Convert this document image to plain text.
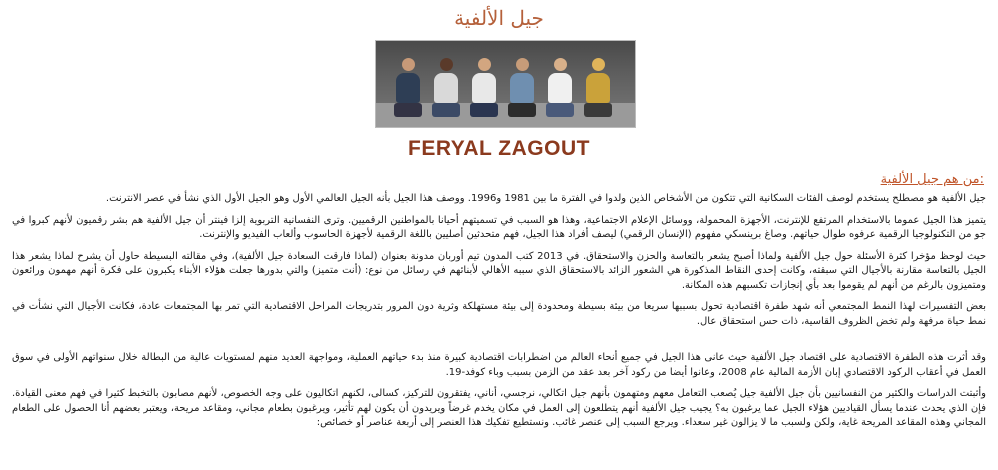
جيل الألفية
FERYAL ZAGOUT
:من هم جيل الألفية

جيل الألفية هو مصطلح يستخدم لوصف الفئات السكانية التي تتكون من الأشخاص الذين ولدوا في الفترة ما بين 1981 و1996. ووصف هذا الجيل بأنه الجيل العالمي الأول وهو الجيل الأول الذي نشأ في عصر الانترنت.

يتميز هذا الجيل عموما بالاستخدام المرتفع للإنترنت، الأجهزة المحمولة، ووسائل الإعلام الاجتماعية، وهذا هو السبب في تسميتهم أحيانا بالمواطنين الرقميين. وترى النفسانية التربوية إلزا فينتر أن جيل الألفية هم بشر رقميون لأنهم كبروا في جو من التكنولوجيا الرقمية عرفوه طوال حياتهم. وصاغ برينسكي مفهوم (الإنسان الرقمي) ليصف أفراد هذا الجيل، فهم متحدثين أصليين باللغة الرقمية لأجهزة الحاسوب وألعاب الفيديو والإنترنت.

حيث لوحظ مؤخرا كثرة الأسئلة حول جيل الألفية ولماذا أصبح يشعر بالتعاسة والحزن والاستحقاق. في 2013 كتب المدون تيم أوربان مدونة بعنوان (لماذا فارقت السعادة جيل الألفية)، وفي مقالته البسيطة حاول أن يشرح لماذا يشعر هذا الجيل بالتعاسة مقارنة بالأجيال التي سبقته، وكانت إحدى النقاط المذكورة هي الشعور الزائد بالاستحقاق الذي سببه الأهالي لأبنائهم في رسائل من نوع: (أنت متميز) والتي بدورها جعلت هؤلاء الأبناء يكبرون على فكرة أنهم مهمون ورائعون ومتميزون بالرغم من أنهم لم يقوموا بعد بأي إنجازات تكسبهم هذه المكانة.

بعض التفسيرات لهذا النمط المجتمعي أنه شهد طفرة اقتصادية تحول بسببها سريعا من بيئة بسيطة ومحدودة إلى بيئة مستهلكة وثرية دون المرور بتدريجات المراحل الاقتصادية التي تمر بها المجتمعات عادة، فكانت الأجيال التي نشأت في نمط حياة مرفهة ولم تخض الظروف القاسية، ذات حس استحقاق عال.

وقد أثرت هذه الطفرة الاقتصادية على اقتصاد جيل الألفية حيث عانى هذا الجيل في جميع أنحاء العالم من اضطرابات اقتصادية كبيرة منذ بدء حياتهم العملية، ومواجهة العديد منهم لمستويات عالية من البطالة خلال سنواتهم الأولى في سوق العمل في أعقاب الركود الاقتصادي إبان الأزمة المالية عام 2008، وعانوا أيضا من ركود آخر بعد عقد من الزمن بسبب وباء كوفد-19.

وأثبتت الدراسات والكثير من النفسانيين بأن جيل الألفية جيل يُصعب التعامل معهم ومتهمون بأنهم جيل اتكالي، نرجسي، أناني، يفتقرون للتركيز، كسالى، لكنهم اتكاليون على وجه الخصوص، لأنهم مصابون بالتخبط كثيرا في فهم معنى القيادة. فإن الذي يحدث عندما يسأل القياديين هؤلاء الجيل عما يرغبون به؟ يجيب جيل الألفية أنهم يتطلعون إلى العمل في مكان يخدم غرضاً ويريدون أن يكون لهم تأثير، ويرغبون بطعام مجاني، ومقاعد مريحة، ويعتبر بعضهم أنا الحصول على الطعام المجاني وهذه المقاعد المريحة غاية، ولكن ولسبب ما لا يزالون غير سعداء. ويرجع السبب إلى عنصر غائب. ونستطيع تفكيك هذا العنصر إلى أربعة عناصر أو خصائص:
